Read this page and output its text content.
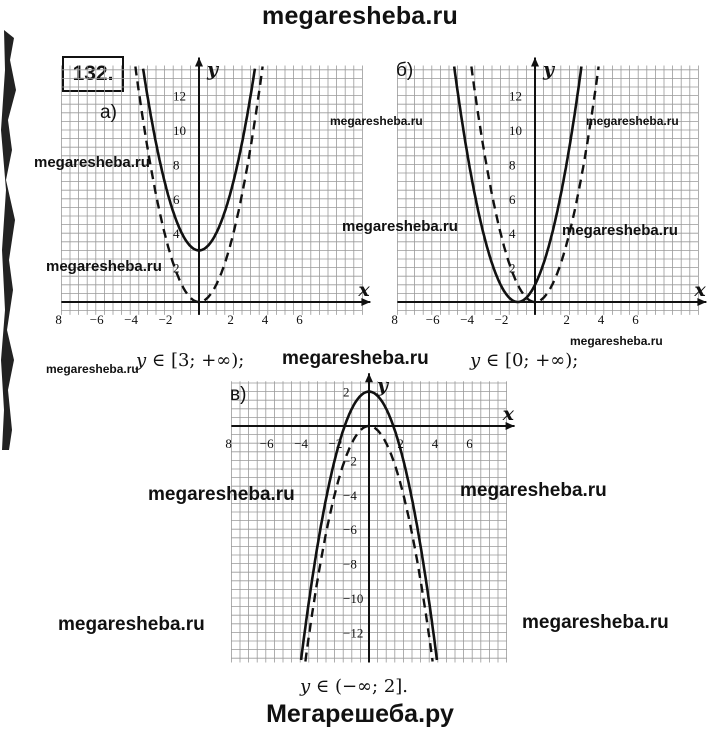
megaresheba.ru
132.
x
y
8 −6 −4 −2	2 4 6
12
10
8
6
4
2
а)
x
y
8 −6 −4 −2	2 4 6
12
10
8
6
4
2
б)
x
y
8 −6 −4 −2	2 4 6
2
−2
−4
−6
−8
−10
−12
в)
y ∈ [3; +∞);	y ∈ [0; +∞);
y ∈ (−∞; 2].
megaresheba.ru	megaresheba.ru
megaresheba.ru
megaresheba.ru	megaresheba.ru
megaresheba.ru
megaresheba.ru
megaresheba.ru	megaresheba.ru
megaresheba.ru	megaresheba.ru
megaresheba.ru	megaresheba.ru
Мегарешеба.ру
